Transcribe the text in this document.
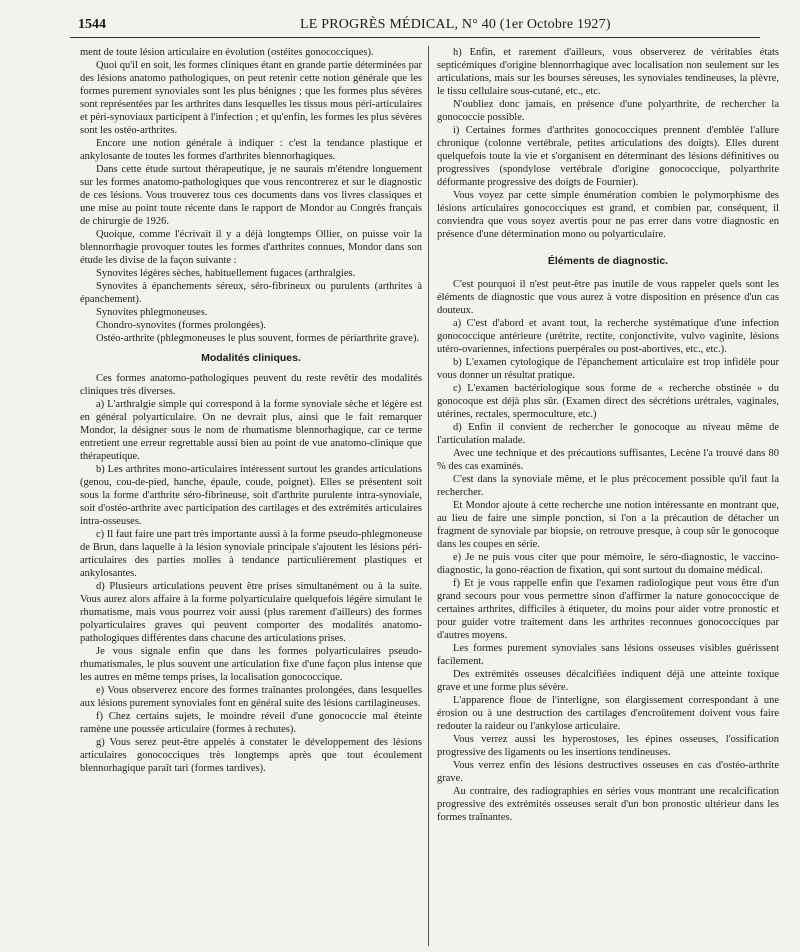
1544	LE PROGRÈS MÉDICAL, N° 40 (1er Octobre 1927)

ment de toute lésion articulaire en évolution (ostéites gonococciques).

Quoi qu'il en soit, les formes cliniques étant en grande partie déterminées par des lésions anatomo pathologiques, on peut retenir cette notion générale que les formes purement synoviales sont les plus bénignes ; que les formes plus sévères sont représentées par les arthrites dans lesquelles les tissus mous péri-articulaires et péri-synoviaux participent à l'infection ; et qu'enfin, les formes les plus sévères sont les ostéo-arthrites.

Encore une notion générale à indiquer : c'est la tendance plastique et ankylosante de toutes les formes d'arthrites blennorhagiques.

Dans cette étude surtout thérapeutique, je ne saurais m'étendre longuement sur les formes anatomo-pathologiques que vous rencontrerez et sur le diagnostic de ces lésions. Vous trouverez tous ces documents dans vos livres classiques et une mise au point toute récente dans le rapport de Mondor au Congrès français de chirurgie de 1926.

Quoique, comme l'écrivait il y a déjà longtemps Ollier, on puisse voir la blennorrhagie provoquer toutes les formes d'arthrites connues, Mondor dans son étude les divise de la façon suivante :

Synovites légères sèches, habituellement fugaces (arthralgies.

Synovites à épanchements séreux, séro-fibrineux ou purulents (arthrites à épanchement).

Synovites phlegmoneuses.

Chondro-synovites (formes prolongées).

Ostéo-arthrite (phlegmoneuses le plus souvent, formes de périarthrite grave).

Modalités cliniques.

Ces formes anatomo-pathologiques peuvent du reste revêtir des modalités cliniques très diverses.

a) L'arthralgie simple qui correspond à la forme synoviale sèche et légère est en général polyarticulaire. On ne devrait plus, ainsi que le fait remarquer Mondor, la désigner sous le nom de rhumatisme blennorhagique, car ce terme entretient une erreur regrettable aussi bien au point de vue anatomo-clinique que thérapeutique.

b) Les arthrites mono-articulaires intéressent surtout les grandes articulations (genou, cou-de-pied, hanche, épaule, coude, poignet). Elles se présentent soit sous la forme d'arthrite séro-fibrineuse, soit d'arthrite purulente intra-synoviale, soit d'ostéo-arthrite avec participation des cartilages et des extrémités articulaires intra-osseuses.

c) Il faut faire une part très importante aussi à la forme pseudo-phlegmoneuse de Brun, dans laquelle à la lésion synoviale principale s'ajoutent les lésions péri-articulaires des parties molles à tendance particulièrement plastiques et ankylosantes.

d) Plusieurs articulations peuvent être prises simultanément ou à la suite. Vous aurez alors affaire à la forme polyarticulaire quelquefois légère simulant le rhumatisme, mais vous pourrez voir aussi (plus rarement d'ailleurs) des formes polyarticulaires graves qui peuvent comporter des modalités anatomo-pathologiques différentes dans chacune des articulations prises.

Je vous signale enfin que dans les formes polyarticulaires pseudo-rhumatismales, le plus souvent une articulation fixe d'une façon plus intense que les autres en même temps prises, la localisation gonococcique.

e) Vous observerez encore des formes traînantes prolongées, dans lesquelles aux lésions purement synoviales font en général suite des lésions cartilagineuses.

f) Chez certains sujets, le moindre réveil d'une gonococcie mal éteinte ramène une poussée articulaire (formes à rechutes).

g) Vous serez peut-être appelés à constater le développement des lésions articulaires gonococciques très longtemps après que tout écoulement blennorhagique paraît tari (formes tardives).

h) Enfin, et rarement d'ailleurs, vous observerez de véritables états septicémiques d'origine blennorrhagique avec localisation non seulement sur les articulations, mais sur les bourses séreuses, les synoviales tendineuses, la plèvre, le tissu cellulaire sous-cutané, etc., etc.

N'oubliez donc jamais, en présence d'une polyarthrite, de rechercher la gonococcie possible.

i) Certaines formes d'arthrites gonococciques prennent d'emblée l'allure chronique (colonne vertébrale, petites articulations des doigts). Elles durent quelquefois toute la vie et s'organisent en déterminant des lésions définitives ou progressives (spondylose vertébrale d'origine gonococcique, polyarthrite déformante progressive des doigts de Fournier).

Vous voyez par cette simple énumération combien le polymorphisme des lésions articulaires gonococciques est grand, et combien par, conséquent, il conviendra que vous soyez avertis pour ne pas errer dans votre diagnostic en présence d'une détermination mono ou polyarticulaire.

Éléments de diagnostic.

C'est pourquoi il n'est peut-être pas inutile de vous rappeler quels sont les éléments de diagnostic que vous aurez à votre disposition en présence d'un cas douteux.

a) C'est d'abord et avant tout, la recherche systématique d'une infection gonococcique antérieure (urétrite, rectite, conjonctivite, vulvo vaginite, lésions utéro-ovariennes, infections puerpérales ou post-abortives, etc., etc.).

b) L'examen cytologique de l'épanchement articulaire est trop infidèle pour vous donner un résultat pratique.

c) L'examen bactériologique sous forme de « recherche obstinée » du gonocoque est déjà plus sûr. (Examen direct des sécrétions urétrales, vaginales, utérines, rectales, spermoculture, etc.)

d) Enfin il convient de rechercher le gonocoque au niveau même de l'articulation malade.

Avec une technique et des précautions suffisantes, Lecène l'a trouvé dans 80 % des cas examinés.

C'est dans la synoviale même, et le plus précocement possible qu'il faut la rechercher.

Et Mondor ajoute à cette recherche une notion intéressante en montrant que, au lieu de faire une simple ponction, si l'on a la précaution de détacher un fragment de synoviale par biopsie, on retrouve presque, à coup sûr le gonocoque dans les coupes en série.

e) Je ne puis vous citer que pour mémoire, le séro-diagnostic, le vaccino-diagnostic, la gono-réaction de fixation, qui sont surtout du domaine médical.

f) Et je vous rappelle enfin que l'examen radiologique peut vous être d'un grand secours pour vous permettre sinon d'affirmer la nature gonococcique de certaines arthrites, difficiles à étiqueter, du moins pour aider votre pronostic et pour guider votre traitement dans les arthrites reconnues gonococciques par d'autres moyens.

Les formes purement synoviales sans lésions osseuses visibles guérissent facilement.

Des extrémités osseuses décalcifiées indiquent déjà une atteinte toxique grave et une forme plus sévère.

L'apparence floue de l'interligne, son élargissement correspondant à une érosion ou à une destruction des cartilages d'encroûtement doivent vous faire redouter la raideur ou l'ankylose articulaire.

Vous verrez aussi les hyperostoses, les épines osseuses, l'ossification progressive des ligaments ou les insertions tendineuses.

Vous verrez enfin des lésions destructives osseuses en cas d'ostéo-arthrite grave.

Au contraire, des radiographies en séries vous montrant une recalcification progressive des extrémités osseuses serait d'un bon pronostic ultérieur dans les formes traînantes.
